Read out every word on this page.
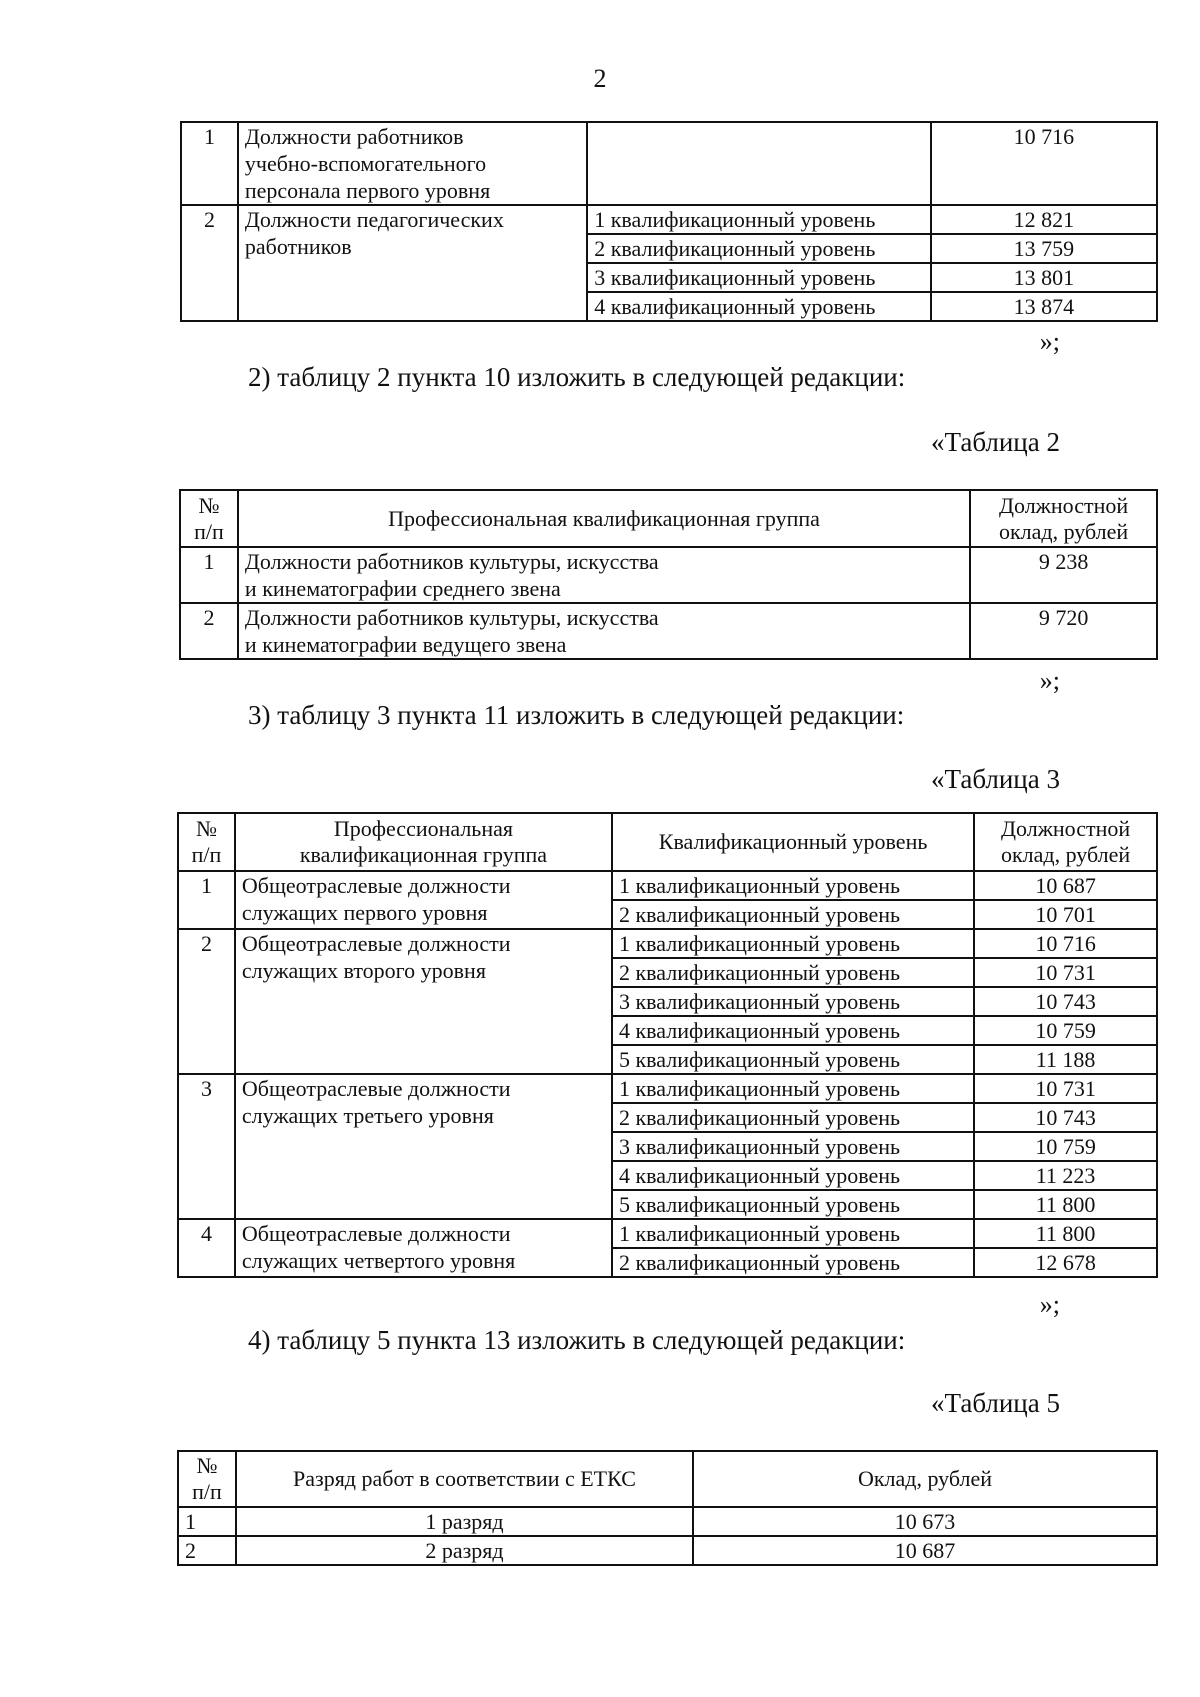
2
1	Должности работников
учебно-вспомогательного
персонала первого уровня		10 716
2	Должности педагогических
работников	1 квалификационный уровень	12 821
		2 квалификационный уровень	13 759
		3 квалификационный уровень	13 801
		4 квалификационный уровень	13 874
»;
2) таблицу 2 пункта 10 изложить в следующей редакции:
«Таблица 2
№
п/п	Профессиональная квалификационная группа	Должностной
оклад, рублей
1	Должности работников культуры, искусства
и кинематографии среднего звена	9 238
2	Должности работников культуры, искусства
и кинематографии ведущего звена	9 720
»;
3) таблицу 3 пункта 11 изложить в следующей редакции:
«Таблица 3
№
п/п	Профессиональная
квалификационная группа	Квалификационный уровень	Должностной
оклад, рублей
1	Общеотраслевые должности
служащих первого уровня	1 квалификационный уровень	10 687
		2 квалификационный уровень	10 701
2	Общеотраслевые должности
служащих второго уровня	1 квалификационный уровень	10 716
		2 квалификационный уровень	10 731
		3 квалификационный уровень	10 743
		4 квалификационный уровень	10 759
		5 квалификационный уровень	11 188
3	Общеотраслевые должности
служащих третьего уровня	1 квалификационный уровень	10 731
		2 квалификационный уровень	10 743
		3 квалификационный уровень	10 759
		4 квалификационный уровень	11 223
		5 квалификационный уровень	11 800
4	Общеотраслевые должности
служащих четвертого уровня	1 квалификационный уровень	11 800
		2 квалификационный уровень	12 678
»;
4) таблицу 5 пункта 13 изложить в следующей редакции:
«Таблица 5
№
п/п	Разряд работ в соответствии с ЕТКС	Оклад, рублей
1	1 разряд	10 673
2	2 разряд	10 687
